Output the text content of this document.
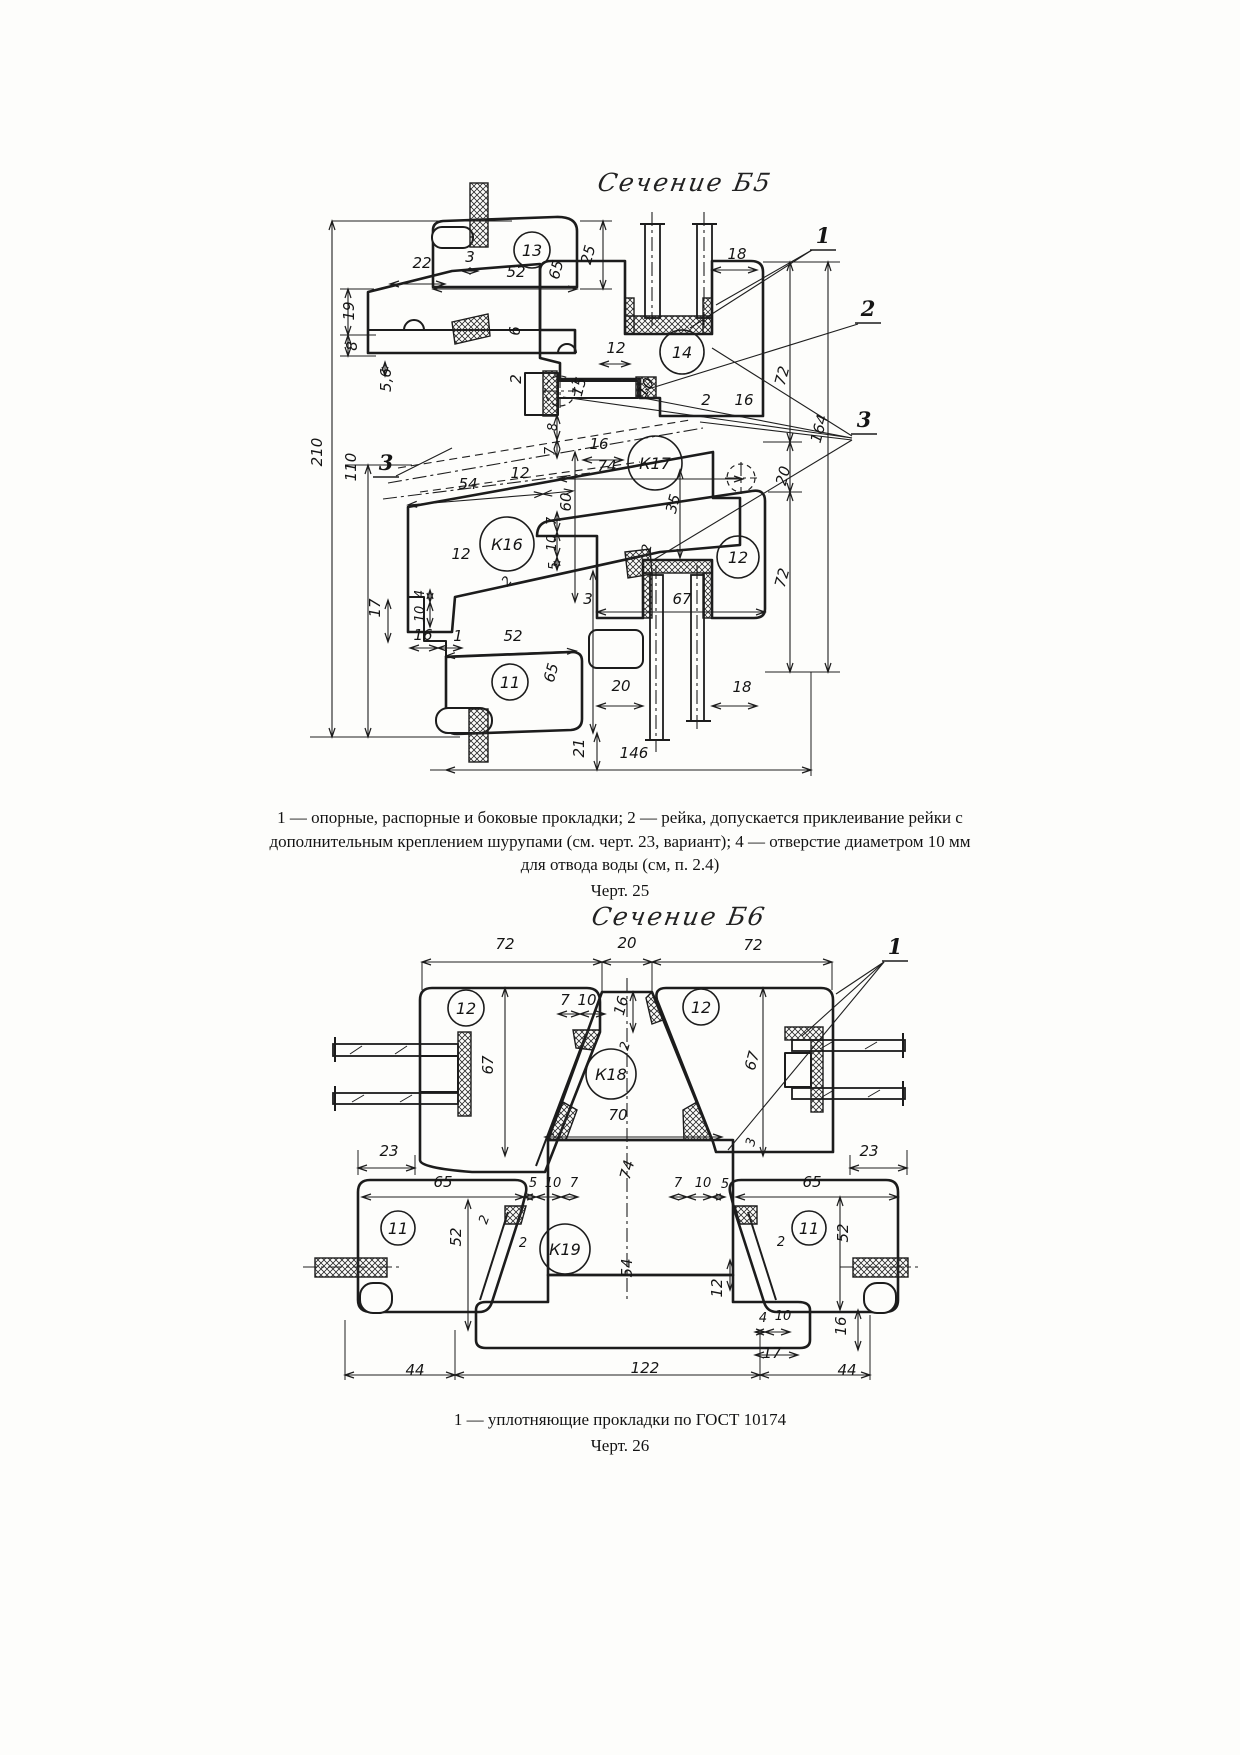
Сечение Б5
Сечение Б6
22 3
52 65
25
19
8
5,6
6
2
210
110
12
15	10	2 16
16
74
8
7
60
7
10
5
35
54
12
12
2
4
10
17
16 1	52
65
3	67
2
20	18
21 146
72
164
20
72
18
13
14
К17
К16
12
11
1
2
3
3
72	20	72
7 10 16
2
67	67
70
74
3
23	23
65	65
5 10 7	7 10 5
2
2	2
52	52
54
12
4 10	16
17
122
44	44
12	12
К18
К19
11	11
1
1 — опорные, распорные и боковые прокладки; 2 — рейка, допускается приклеивание рейки с
дополнительным креплением шурупами (см. черт. 23, вариант); 4 — отверстие диаметром 10 мм
для отвода воды (см, п. 2.4)
Черт. 25
1 — уплотняющие прокладки по ГОСТ 10174
Черт. 26
